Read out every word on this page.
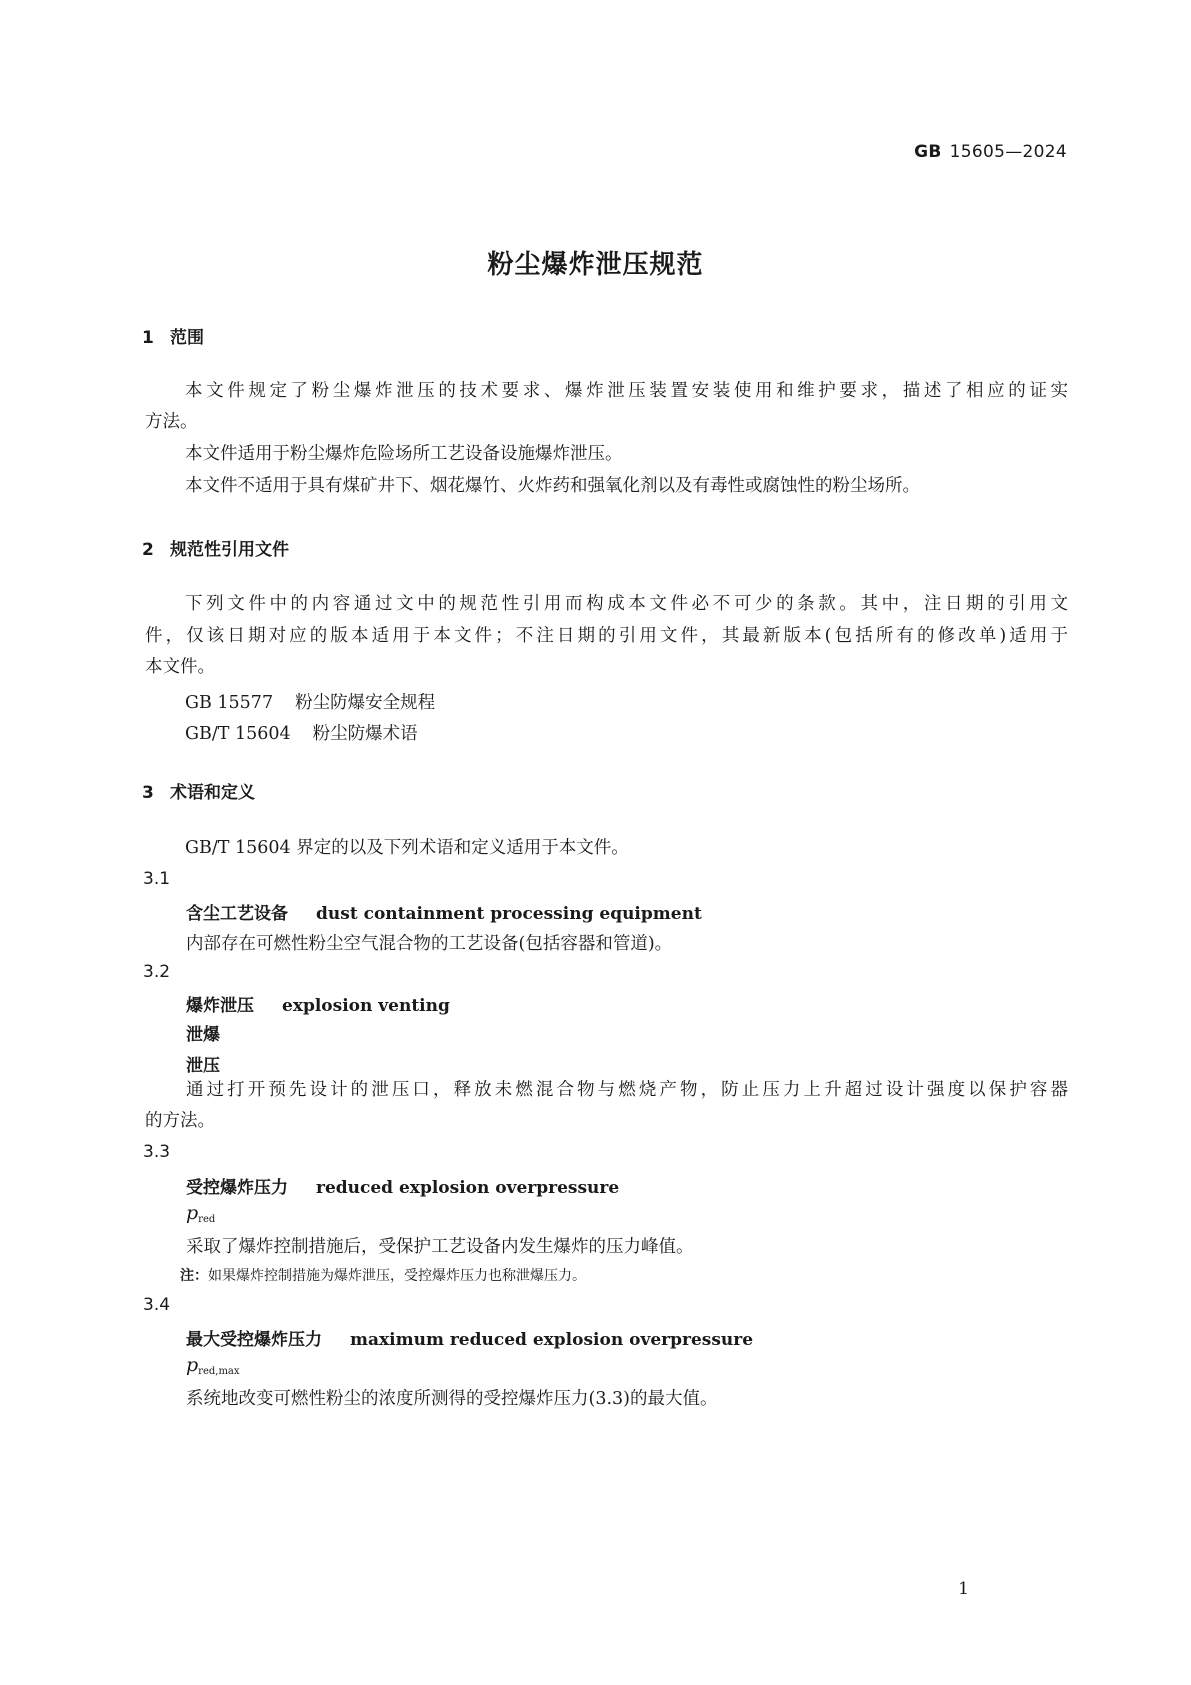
GB 15605—2024
粉尘爆炸泄压规范
1 范围
本文件规定了粉尘爆炸泄压的技术要求、爆炸泄压装置安装使用和维护要求，描述了相应的证实
方法。
本文件适用于粉尘爆炸危险场所工艺设备设施爆炸泄压。
本文件不适用于具有煤矿井下、烟花爆竹、火炸药和强氧化剂以及有毒性或腐蚀性的粉尘场所。
2 规范性引用文件
下列文件中的内容通过文中的规范性引用而构成本文件必不可少的条款。其中，注日期的引用文
件，仅该日期对应的版本适用于本文件；不注日期的引用文件，其最新版本(包括所有的修改单)适用于
本文件。
GB 15577 粉尘防爆安全规程
GB/T 15604 粉尘防爆术语
3 术语和定义
GB/T 15604 界定的以及下列术语和定义适用于本文件。
3.1
含尘工艺设备 dust containment processing equipment
内部存在可燃性粉尘空气混合物的工艺设备(包括容器和管道)。
3.2
爆炸泄压 explosion venting
泄爆
泄压
通过打开预先设计的泄压口，释放未燃混合物与燃烧产物，防止压力上升超过设计强度以保护容器
的方法。
3.3
受控爆炸压力 reduced explosion overpressure
$p_{red}$
采取了爆炸控制措施后，受保护工艺设备内发生爆炸的压力峰值。
注：如果爆炸控制措施为爆炸泄压，受控爆炸压力也称泄爆压力。
3.4
最大受控爆炸压力 maximum reduced explosion overpressure
$p_{red,max}$
系统地改变可燃性粉尘的浓度所测得的受控爆炸压力(3.3)的最大值。
1
